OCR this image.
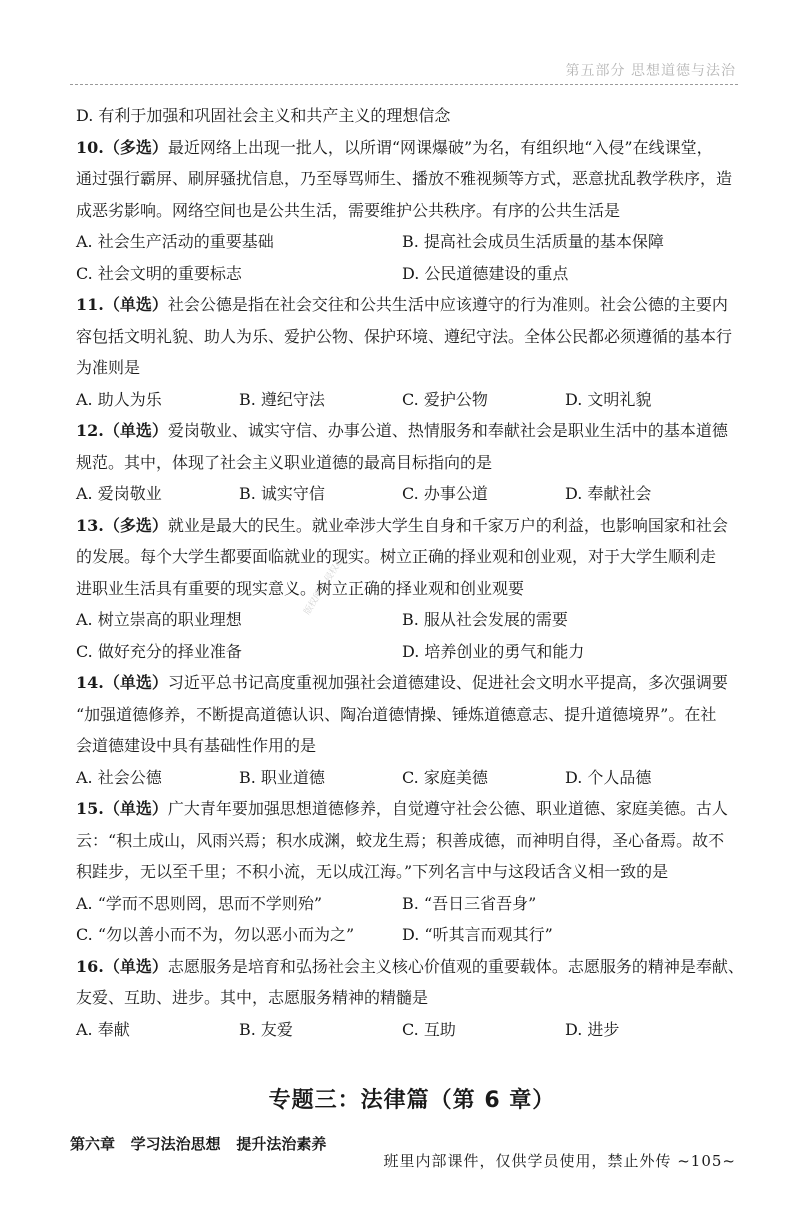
第五部分 思想道德与法治
版权所有 侵权必究
D. 有利于加强和巩固社会主义和共产主义的理想信念
10.（多选）最近网络上出现一批人，以所谓“网课爆破”为名，有组织地“入侵”在线课堂，
通过强行霸屏、刷屏骚扰信息，乃至辱骂师生、播放不雅视频等方式，恶意扰乱教学秩序，造
成恶劣影响。网络空间也是公共生活，需要维护公共秩序。有序的公共生活是
A. 社会生产活动的重要基础	B. 提高社会成员生活质量的基本保障
C. 社会文明的重要标志	D. 公民道德建设的重点
11.（单选）社会公德是指在社会交往和公共生活中应该遵守的行为准则。社会公德的主要内
容包括文明礼貌、助人为乐、爱护公物、保护环境、遵纪守法。全体公民都必须遵循的基本行
为准则是
A. 助人为乐	B. 遵纪守法	C. 爱护公物	D. 文明礼貌
12.（单选）爱岗敬业、诚实守信、办事公道、热情服务和奉献社会是职业生活中的基本道德
规范。其中，体现了社会主义职业道德的最高目标指向的是
A. 爱岗敬业	B. 诚实守信	C. 办事公道	D. 奉献社会
13.（多选）就业是最大的民生。就业牵涉大学生自身和千家万户的利益，也影响国家和社会
的发展。每个大学生都要面临就业的现实。树立正确的择业观和创业观，对于大学生顺利走
进职业生活具有重要的现实意义。树立正确的择业观和创业观要
A. 树立崇高的职业理想	B. 服从社会发展的需要
C. 做好充分的择业准备	D. 培养创业的勇气和能力
14.（单选）习近平总书记高度重视加强社会道德建设、促进社会文明水平提高，多次强调要
“加强道德修养，不断提高道德认识、陶冶道德情操、锤炼道德意志、提升道德境界”。在社
会道德建设中具有基础性作用的是
A. 社会公德	B. 职业道德	C. 家庭美德	D. 个人品德
15.（单选）广大青年要加强思想道德修养，自觉遵守社会公德、职业道德、家庭美德。古人
云：“积土成山，风雨兴焉；积水成渊，蛟龙生焉；积善成德，而神明自得，圣心备焉。故不
积跬步，无以至千里；不积小流，无以成江海。”下列名言中与这段话含义相一致的是
A. “学而不思则罔，思而不学则殆”	B. “吾日三省吾身”
C. “勿以善小而不为，勿以恶小而为之”	D. “听其言而观其行”
16.（单选）志愿服务是培育和弘扬社会主义核心价值观的重要载体。志愿服务的精神是奉献、
友爱、互助、进步。其中，志愿服务精神的精髓是
A. 奉献	B. 友爱	C. 互助	D. 进步
专题三：法律篇（第 6 章）
第六章   学习法治思想   提升法治素养
班里内部课件，仅供学员使用，禁止外传 ~105~
